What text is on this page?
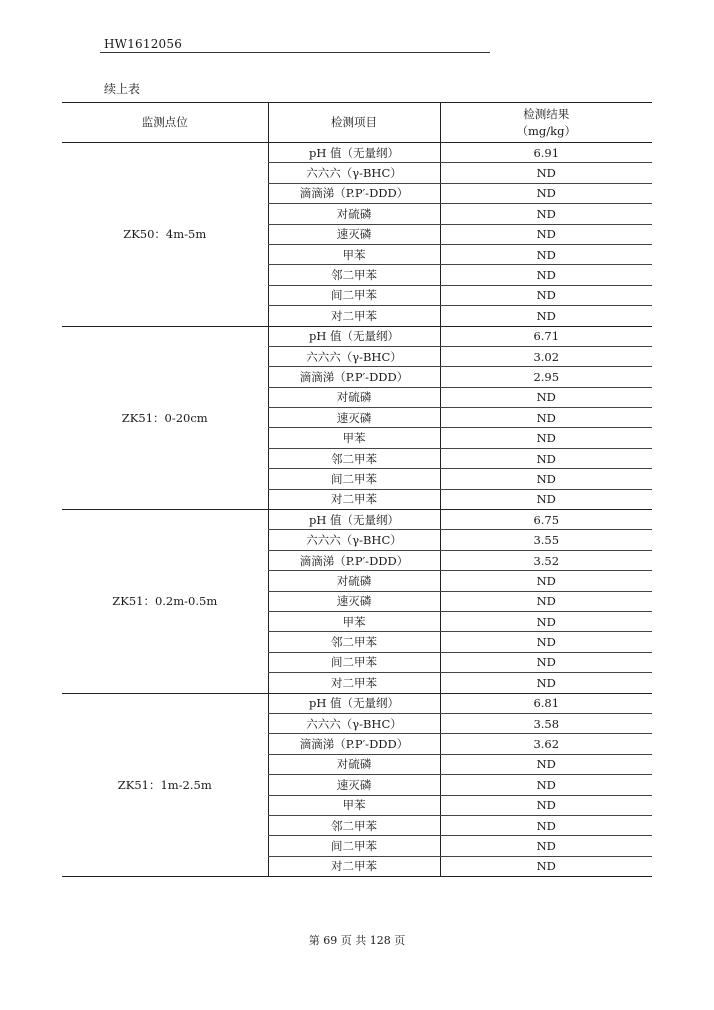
HW1612056
续上表
监测点位	检测项目	检测结果
（mg/kg）

ZK50：4m-5m	pH 值（无量纲）	6.91
	六六六（γ-BHC）	ND
	滴滴涕（P.P′-DDD）	ND
	对硫磷	ND
	速灭磷	ND
	甲苯	ND
	邻二甲苯	ND
	间二甲苯	ND
	对二甲苯	ND
ZK51：0-20cm	pH 值（无量纲）	6.71
	六六六（γ-BHC）	3.02
	滴滴涕（P.P′-DDD）	2.95
	对硫磷	ND
	速灭磷	ND
	甲苯	ND
	邻二甲苯	ND
	间二甲苯	ND
	对二甲苯	ND
ZK51：0.2m-0.5m	pH 值（无量纲）	6.75
	六六六（γ-BHC）	3.55
	滴滴涕（P.P′-DDD）	3.52
	对硫磷	ND
	速灭磷	ND
	甲苯	ND
	邻二甲苯	ND
	间二甲苯	ND
	对二甲苯	ND
ZK51：1m-2.5m	pH 值（无量纲）	6.81
	六六六（γ-BHC）	3.58
	滴滴涕（P.P′-DDD）	3.62
	对硫磷	ND
	速灭磷	ND
	甲苯	ND
	邻二甲苯	ND
	间二甲苯	ND
	对二甲苯	ND
第 69 页 共 128 页
